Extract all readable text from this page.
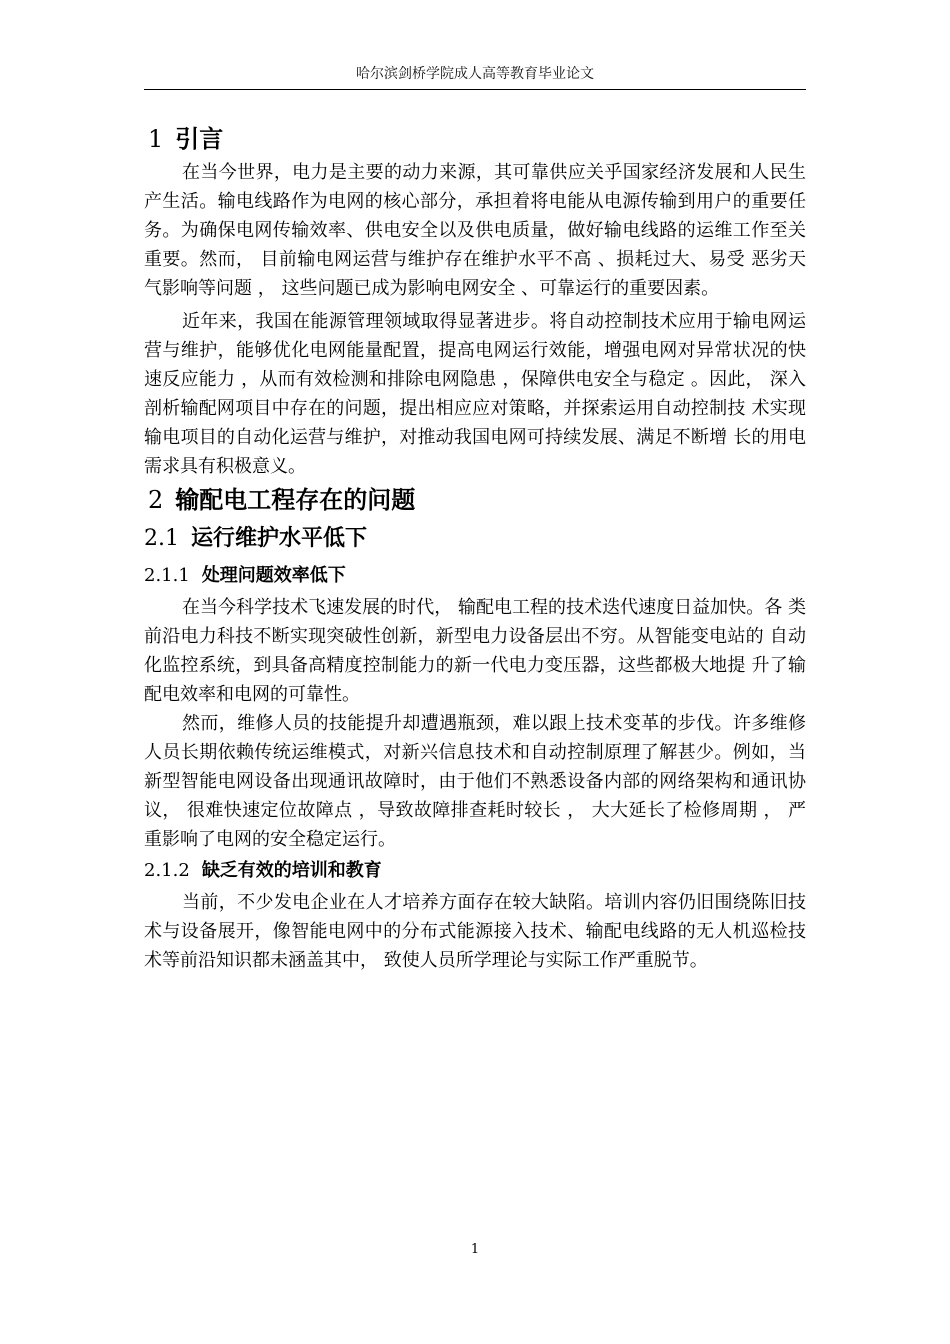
哈尔滨剑桥学院成人高等教育毕业论文
1 引言

在当今世界，电力是主要的动力来源，其可靠供应关乎国家经济发展和人民生产生活。输电线路作为电网的核心部分，承担着将电能从电源传输到用户的重要任务。为确保电网传输效率、供电安全以及供电质量，做好输电线路的运维工作至关重要。然而， 目前输电网运营与维护存在维护水平不高 、损耗过大、易受 恶劣天气影响等问题 ， 这些问题已成为影响电网安全 、可靠运行的重要因素。

近年来，我国在能源管理领域取得显著进步。将自动控制技术应用于输电网运营与维护，能够优化电网能量配置，提高电网运行效能，增强电网对异常状况的快速反应能力 ，从而有效检测和排除电网隐患 ，保障供电安全与稳定 。因此， 深入剖析输配网项目中存在的问题，提出相应应对策略，并探索运用自动控制技 术实现输电项目的自动化运营与维护，对推动我国电网可持续发展、满足不断增 长的用电需求具有积极意义。

2 输配电工程存在的问题
2.1 运行维护水平低下
2.1.1 处理问题效率低下

在当今科学技术飞速发展的时代， 输配电工程的技术迭代速度日益加快。各 类前沿电力科技不断实现突破性创新，新型电力设备层出不穷。从智能变电站的 自动化监控系统，到具备高精度控制能力的新一代电力变压器，这些都极大地提 升了输配电效率和电网的可靠性。

然而，维修人员的技能提升却遭遇瓶颈，难以跟上技术变革的步伐。许多维修人员长期依赖传统运维模式，对新兴信息技术和自动控制原理了解甚少。例如，当新型智能电网设备出现通讯故障时，由于他们不熟悉设备内部的网络架构和通讯协议， 很难快速定位故障点 ，导致故障排查耗时较长 ， 大大延长了检修周期 ， 严重影响了电网的安全稳定运行。

2.1.2 缺乏有效的培训和教育

当前，不少发电企业在人才培养方面存在较大缺陷。培训内容仍旧围绕陈旧技术与设备展开，像智能电网中的分布式能源接入技术、输配电线路的无人机巡检技术等前沿知识都未涵盖其中， 致使人员所学理论与实际工作严重脱节。

1
